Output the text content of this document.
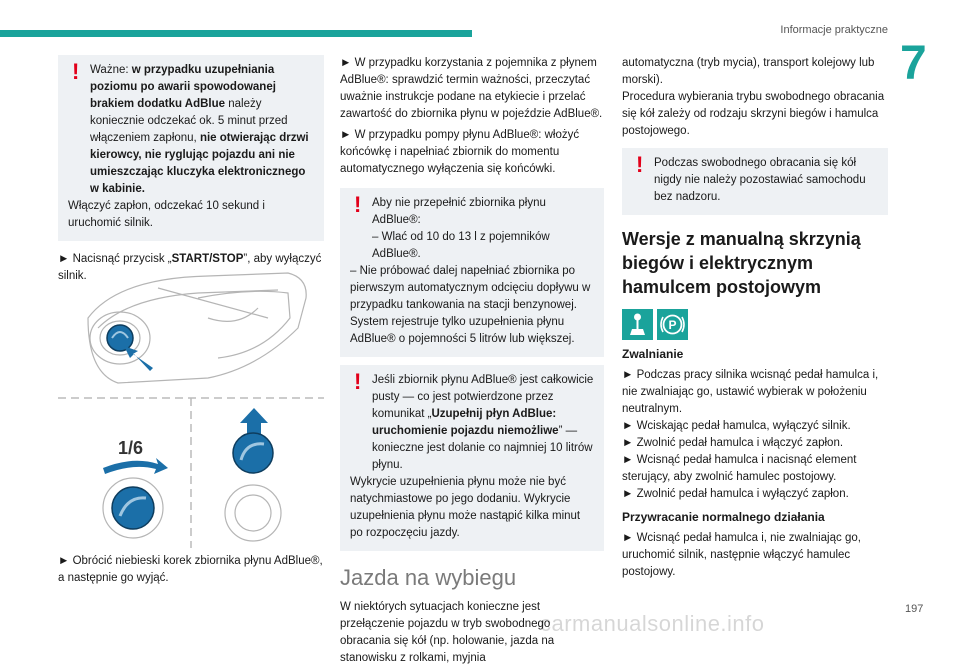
Informacje praktyczne
7
! Ważne: w przypadku uzupełniania poziomu po awarii spowodowanej brakiem dodatku AdBlue należy koniecznie odczekać ok. 5 minut przed włączeniem zapłonu, nie otwierając drzwi kierowcy, nie ryglując pojazdu ani nie umieszczając kluczyka elektronicznego w kabinie.

Włączyć zapłon, odczekać 10 sekund i uruchomić silnik.

► Nacisnąć przycisk „START/STOP”, aby wyłączyć silnik.

1/6

► Obrócić niebieski korek zbiornika płynu AdBlue®, a następnie go wyjąć.

► W przypadku korzystania z pojemnika z płynem AdBlue®: sprawdzić termin ważności, przeczytać uważnie instrukcje podane na etykiecie i przelać zawartość do zbiornika płynu w pojeździe AdBlue®.

► W przypadku pompy płynu AdBlue®: włożyć końcówkę i napełniać zbiornik do momentu automatycznego wyłączenia się końcówki.

! Aby nie przepełnić zbiornika płynu AdBlue®:

– Wlać od 10 do 13 l z pojemników AdBlue®.

– Nie próbować dalej napełniać zbiornika po pierwszym automatycznym odcięciu dopływu w przypadku tankowania na stacji benzynowej.

System rejestruje tylko uzupełnienia płynu AdBlue® o pojemności 5 litrów lub większej.

! Jeśli zbiornik płynu AdBlue® jest całkowicie pusty — co jest potwierdzone przez komunikat „Uzupełnij płyn AdBlue: uruchomienie pojazdu niemożliwe” — konieczne jest dolanie co najmniej 10 litrów płynu.

Wykrycie uzupełnienia płynu może nie być natychmiastowe po jego dodaniu. Wykrycie uzupełnienia płynu może nastąpić kilka minut po rozpoczęciu jazdy.

Jazda na wybiegu

W niektórych sytuacjach konieczne jest przełączenie pojazdu w tryb swobodnego obracania się kół (np. holowanie, jazda na stanowisku z rolkami, myjnia

automatyczna (tryb mycia), transport kolejowy lub morski).

Procedura wybierania trybu swobodnego obracania się kół zależy od rodzaju skrzyni biegów i hamulca postojowego.

! Podczas swobodnego obracania się kół nigdy nie należy pozostawiać samochodu bez nadzoru.

Wersje z manualną skrzynią biegów i elektrycznym hamulcem postojowym
P

Zwalnianie

► Podczas pracy silnika wcisnąć pedał hamulca i, nie zwalniając go, ustawić wybierak w położeniu neutralnym.

► Wciskając pedał hamulca, wyłączyć silnik.

► Zwolnić pedał hamulca i włączyć zapłon.

► Wcisnąć pedał hamulca i nacisnąć element sterujący, aby zwolnić hamulec postojowy.

► Zwolnić pedał hamulca i wyłączyć zapłon.

Przywracanie normalnego działania

► Wcisnąć pedał hamulca i, nie zwalniając go, uruchomić silnik, następnie włączyć hamulec postojowy.

197
carmanualsonline.info
